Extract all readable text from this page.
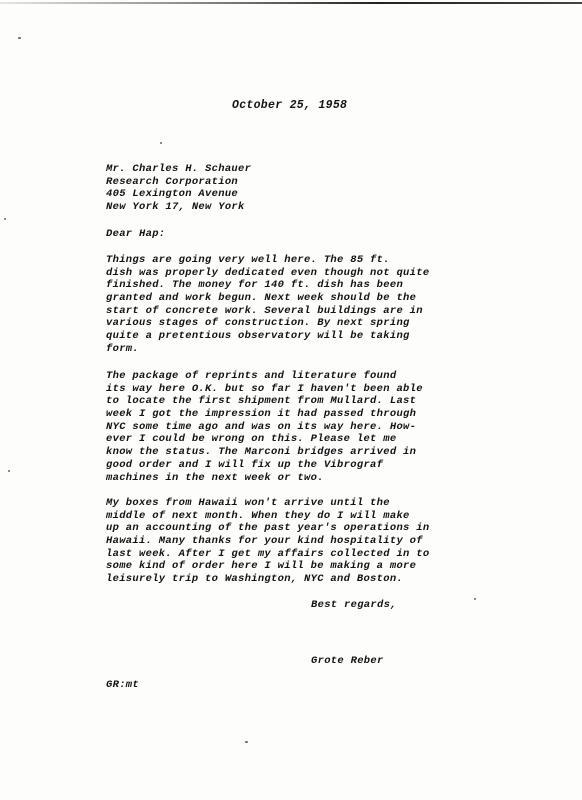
October 25, 1958
Mr. Charles H. Schauer
Research Corporation
405 Lexington Avenue
New York 17, New York
Dear Hap:
Things are going very well here. The 85 ft.
dish was properly dedicated even though not quite
finished. The money for 140 ft. dish has been
granted and work begun. Next week should be the
start of concrete work. Several buildings are in
various stages of construction. By next spring
quite a pretentious observatory will be taking
form.
The package of reprints and literature found
its way here O.K. but so far I haven't been able
to locate the first shipment from Mullard. Last
week I got the impression it had passed through
NYC some time ago and was on its way here. How-
ever I could be wrong on this. Please let me
know the status. The Marconi bridges arrived in
good order and I will fix up the Vibrograf
machines in the next week or two.
My boxes from Hawaii won't arrive until the
middle of next month. When they do I will make
up an accounting of the past year's operations in
Hawaii. Many thanks for your kind hospitality of
last week. After I get my affairs collected in to
some kind of order here I will be making a more
leisurely trip to Washington, NYC and Boston.
Best regards,
Grote Reber
GR:mt
